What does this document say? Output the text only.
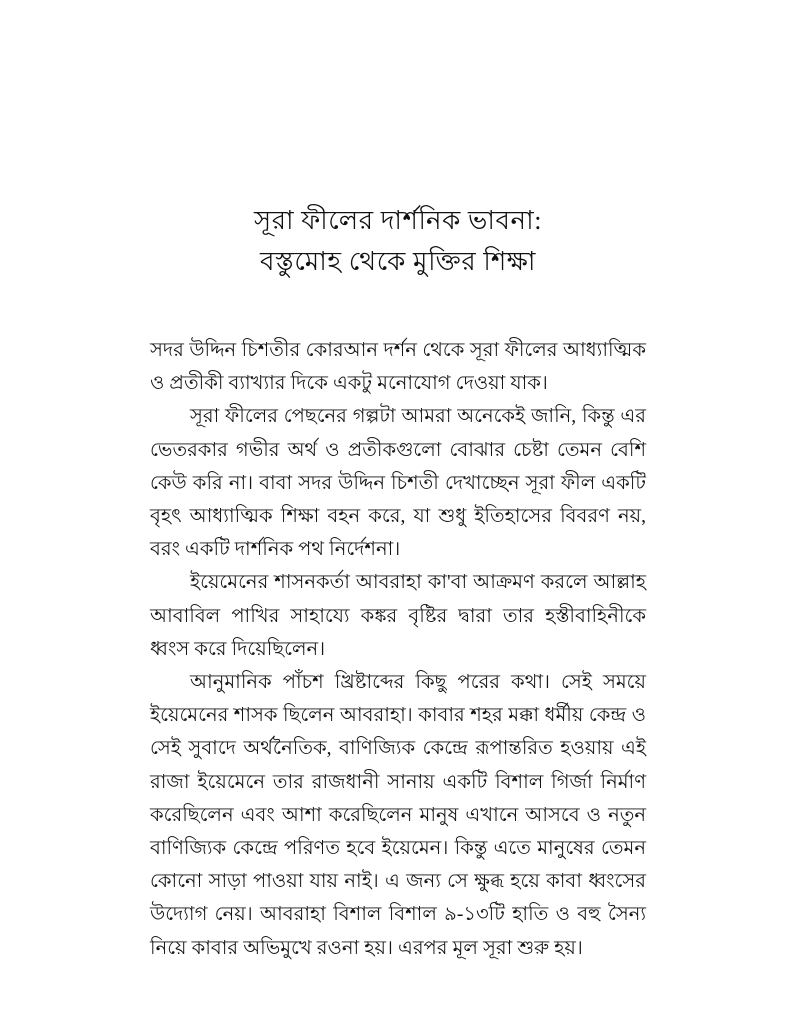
সূরা ফীলের দার্শনিক ভাবনা:
বস্তুমোহ থেকে মুক্তির শিক্ষা

সদর উদ্দিন চিশতীর কোরআন দর্শন থেকে সূরা ফীলের আধ্যাত্মিক ও প্রতীকী ব্যাখ্যার দিকে একটু মনোযোগ দেওয়া যাক।

সূরা ফীলের পেছনের গল্পটা আমরা অনেকেই জানি, কিন্তু এর ভেতরকার গভীর অর্থ ও প্রতীকগুলো বোঝার চেষ্টা তেমন বেশি কেউ করি না। বাবা সদর উদ্দিন চিশতী দেখাচ্ছেন সূরা ফীল একটি বৃহৎ আধ্যাত্মিক শিক্ষা বহন করে, যা শুধু ইতিহাসের বিবরণ নয়, বরং একটি দার্শনিক পথ নির্দেশনা।

ইয়েমেনের শাসনকর্তা আবরাহা কা'বা আক্রমণ করলে আল্লাহ আবাবিল পাখির সাহায্যে কঙ্কর বৃষ্টির দ্বারা তার হস্তীবাহিনীকে ধ্বংস করে দিয়েছিলেন।

আনুমানিক পাঁচশ খ্রিষ্টাব্দের কিছু পরের কথা। সেই সময়ে ইয়েমেনের শাসক ছিলেন আবরাহা। কাবার শহর মক্কা ধর্মীয় কেন্দ্র ও সেই সুবাদে অর্থনৈতিক, বাণিজ্যিক কেন্দ্রে রূপান্তরিত হওয়ায় এই রাজা ইয়েমেনে তার রাজধানী সানায় একটি বিশাল গির্জা নির্মাণ করেছিলেন এবং আশা করেছিলেন মানুষ এখানে আসবে ও নতুন বাণিজ্যিক কেন্দ্রে পরিণত হবে ইয়েমেন। কিন্তু এতে মানুষের তেমন কোনো সাড়া পাওয়া যায় নাই। এ জন্য সে ক্ষুব্ধ হয়ে কাবা ধ্বংসের উদ্যোগ নেয়। আবরাহা বিশাল বিশাল ৯-১৩টি হাতি ও বহু সৈন্য নিয়ে কাবার অভিমুখে রওনা হয়। এরপর মূল সূরা শুরু হয়।
